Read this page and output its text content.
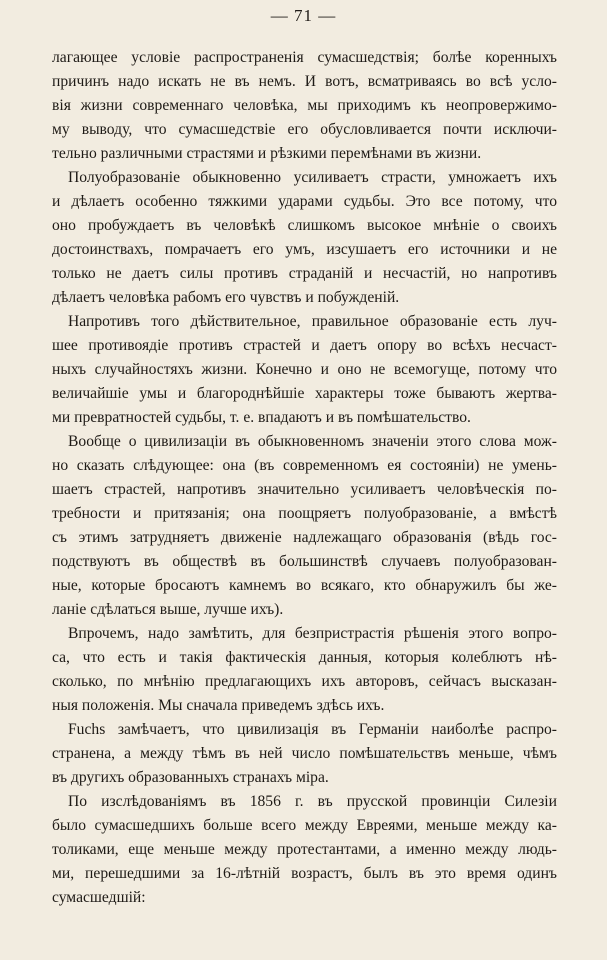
— 71 —
лагающее условіе распространенія сумасшедствія; болѣе коренныхъ
причинъ надо искать не въ немъ. И вотъ, всматриваясь во всѣ усло-
вія жизни современнаго человѣка, мы приходимъ къ неопровержимо-
му выводу, что сумасшедствіе его обусловливается почти исключи-
тельно различными страстями и рѣзкими перемѣнами въ жизни.
Полуобразованіе обыкновенно усиливаетъ страсти, умножаетъ ихъ
и дѣлаетъ особенно тяжкими ударами судьбы. Это все потому, что
оно пробуждаетъ въ человѣкѣ слишкомъ высокое мнѣніе о своихъ
достоинствахъ, помрачаетъ его умъ, изсушаетъ его источники и не
только не даетъ силы противъ страданій и несчастій, но напротивъ
дѣлаетъ человѣка рабомъ его чувствъ и побужденій.
Напротивъ того дѣйствительное, правильное образованіе есть луч-
шее противоядіе противъ страстей и даетъ опору во всѣхъ несчаст-
ныхъ случайностяхъ жизни. Конечно и оно не всемогуще, потому что
величайшіе умы и благороднѣйшіе характеры тоже бываютъ жертва-
ми превратностей судьбы, т. е. впадаютъ и въ помѣшательство.
Вообще о цивилизаціи въ обыкновенномъ значеніи этого слова мож-
но сказать слѣдующее: она (въ современномъ ея состояніи) не умень-
шаетъ страстей, напротивъ значительно усиливаетъ человѣческія по-
требности и притязанія; она поощряетъ полуобразованіе, а вмѣстѣ
съ этимъ затрудняетъ движеніе надлежащаго образованія (вѣдь гос-
подствуютъ въ обществѣ въ большинствѣ случаевъ полуобразован-
ные, которые бросаютъ камнемъ во всякаго, кто обнаружилъ бы же-
ланіе сдѣлаться выше, лучше ихъ).
Впрочемъ, надо замѣтить, для безпристрастія рѣшенія этого вопро-
са, что есть и такія фактическія данныя, которыя колеблютъ нѣ-
сколько, по мнѣнію предлагающихъ ихъ авторовъ, сейчасъ высказан-
ныя положенія. Мы сначала приведемъ здѣсь ихъ.
Fuchs замѣчаетъ, что цивилизація въ Германіи наиболѣе распро-
странена, а между тѣмъ въ ней число помѣшательствъ меньше, чѣмъ
въ другихъ образованныхъ странахъ міра.
По изслѣдованіямъ въ 1856 г. въ прусской провинціи Силезіи
было сумасшедшихъ больше всего между Евреями, меньше между ка-
толиками, еще меньше между протестантами, а именно между людь-
ми, перешедшими за 16-лѣтній возрастъ, былъ въ это время одинъ
сумасшедшій:
